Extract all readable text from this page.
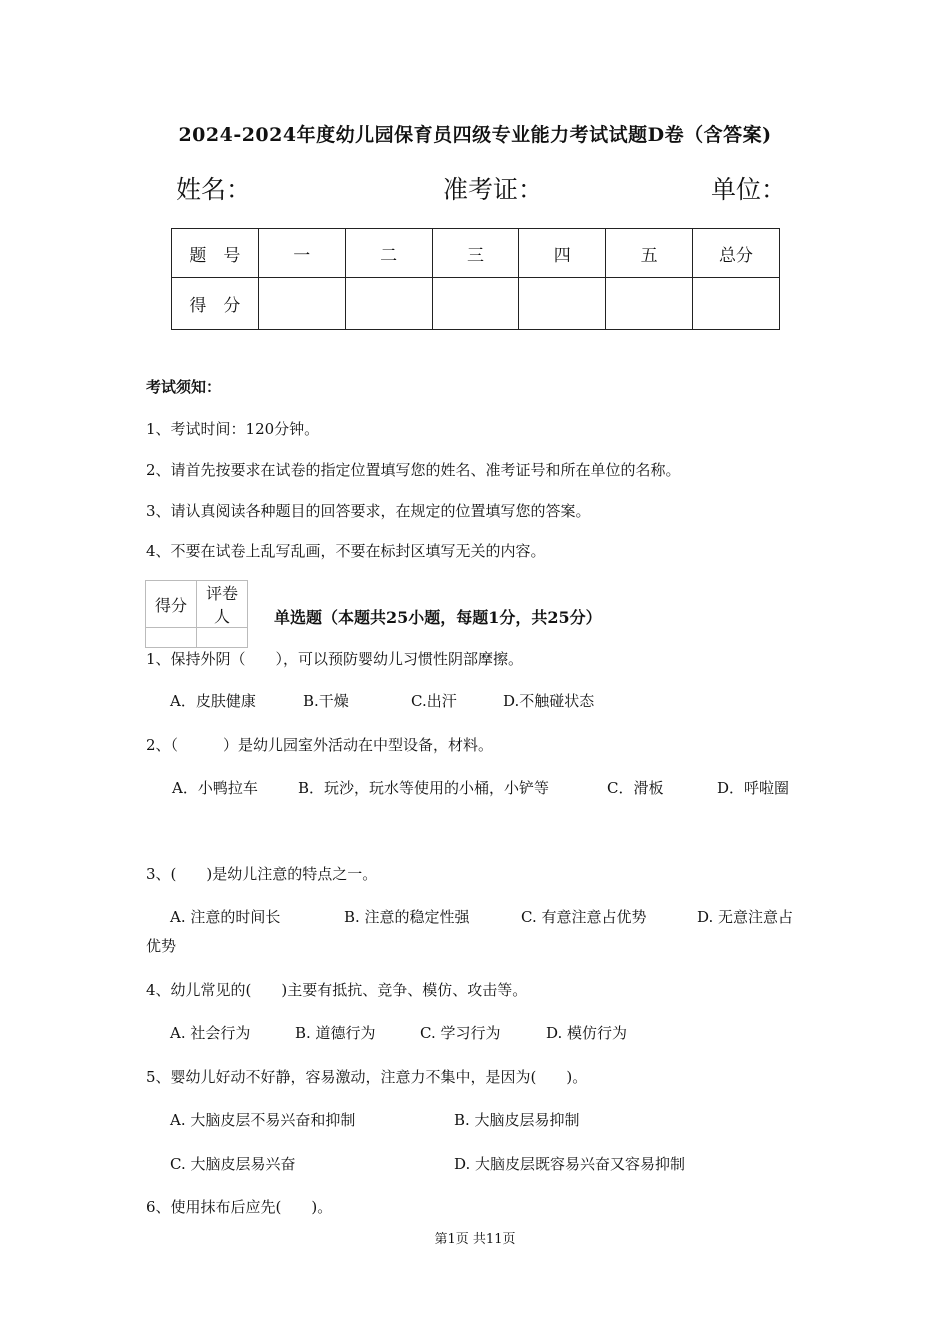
2024-2024年度幼儿园保育员四级专业能力考试试题D卷（含答案)
姓名：	准考证：	单位：
题　号	一	二	三	四	五	总分
得　分						
考试须知：
1、考试时间：120分钟。
2、请首先按要求在试卷的指定位置填写您的姓名、准考证号和所在单位的名称。
3、请认真阅读各种题目的回答要求，在规定的位置填写您的答案。
4、不要在试卷上乱写乱画，不要在标封区填写无关的内容。
得分	评卷人
		单选题（本题共25小题，每题1分，共25分）
1、保持外阴（　　），可以预防婴幼儿习惯性阴部摩擦。
A．皮肤健康	B.干燥	C.出汗	D.不触碰状态
2、（　　　）是幼儿园室外活动在中型设备，材料。
A．小鸭拉车	B．玩沙，玩水等使用的小桶，小铲等	C．滑板	D．呼啦圈
3、(　　)是幼儿注意的特点之一。
A. 注意的时间长	B. 注意的稳定性强	C. 有意注意占优势	D. 无意注意占
优势
4、幼儿常见的(　　)主要有抵抗、竞争、模仿、攻击等。
A. 社会行为	B. 道德行为	C. 学习行为	D. 模仿行为
5、婴幼儿好动不好静，容易激动，注意力不集中，是因为(　　)。
A. 大脑皮层不易兴奋和抑制	B. 大脑皮层易抑制
C. 大脑皮层易兴奋	D. 大脑皮层既容易兴奋又容易抑制
6、使用抹布后应先(　　)。
第1页 共11页
